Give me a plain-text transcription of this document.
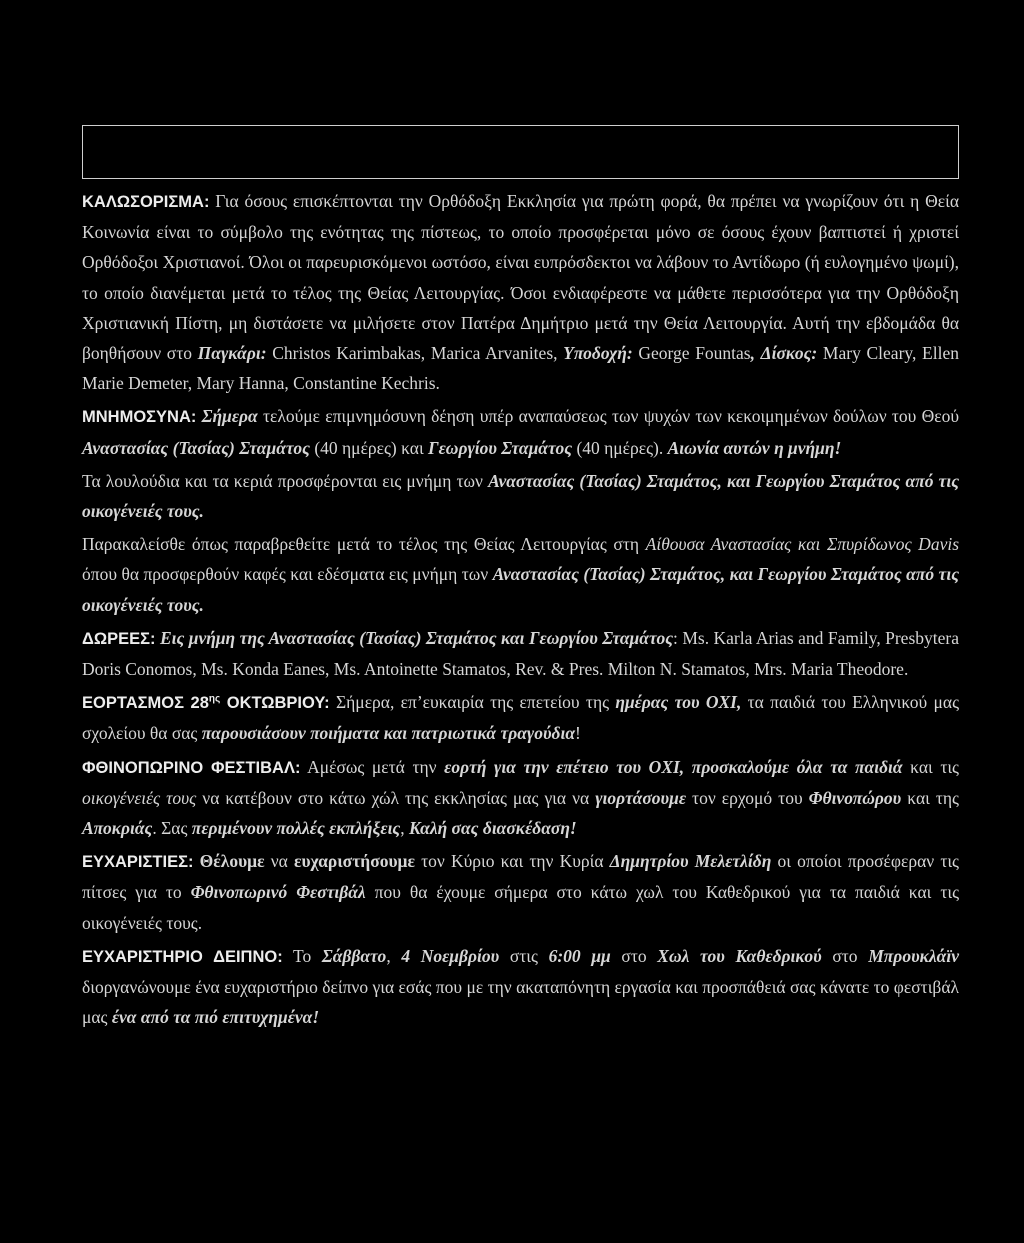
ΚΑΛΩΣΟΡΙΣΜΑ: Για όσους επισκέπτονται την Ορθόδοξη Εκκλησία για πρώτη φορά, θα πρέπει να γνωρίζουν ότι η Θεία Κοινωνία είναι το σύμβολο της ενότητας της πίστεως, το οποίο προσφέρεται μόνο σε όσους έχουν βαπτιστεί ή χριστεί Ορθόδοξοι Χριστιανοί. Όλοι οι παρευρισκόμενοι ωστόσο, είναι ευπρόσδεκτοι να λάβουν το Αντίδωρο (ή ευλογημένο ψωμί), το οποίο διανέμεται μετά το τέλος της Θείας Λειτουργίας. Όσοι ενδιαφέρεστε να μάθετε περισσότερα για την Ορθόδοξη Χριστιανική Πίστη, μη διστάσετε να μιλήσετε στον Πατέρα Δημήτριο μετά την Θεία Λειτουργία. Αυτή την εβδομάδα θα βοηθήσουν στο Παγκάρι: Christos Karimbakas, Marica Arvanites, Υποδοχή: George Fountas, Δίσκος: Mary Cleary, Ellen Marie Demeter, Mary Hanna, Constantine Kechris.

ΜΝΗΜΟΣΥΝΑ: Σήμερα τελούμε επιμνημόσυνη δέηση υπέρ αναπαύσεως των ψυχών των κεκοιμημένων δούλων του Θεού Αναστασίας (Τασίας) Σταμάτος (40 ημέρες) και Γεωργίου Σταμάτος (40 ημέρες). Αιωνία αυτών η μνήμη!

Τα λουλούδια και τα κεριά προσφέρονται εις μνήμη των Αναστασίας (Τασίας) Σταμάτος, και Γεωργίου Σταμάτος από τις οικογένειές τους.

Παρακαλείσθε όπως παραβρεθείτε μετά το τέλος της Θείας Λειτουργίας στη Αίθουσα Αναστασίας και Σπυρίδωνος Davis όπου θα προσφερθούν καφές και εδέσματα εις μνήμη των Αναστασίας (Τασίας) Σταμάτος, και Γεωργίου Σταμάτος από τις οικογένειές τους.

ΔΩΡΕΕΣ: Εις μνήμη της Αναστασίας (Τασίας) Σταμάτος και Γεωργίου Σταμάτος: Ms. Karla Arias and Family, Presbytera Doris Conomos, Ms. Konda Eanes, Ms. Antoinette Stamatos, Rev. & Pres. Milton N. Stamatos, Mrs. Maria Theodore.

ΕΟΡΤΑΣΜΟΣ $28^{\eta\varsigma}$ ΟΚΤΩΒΡΙΟΥ: Σήμερα, επ’ευκαιρία της επετείου της ημέρας του ΟΧΙ, τα παιδιά του Ελληνικού μας σχολείου θα σας παρουσιάσουν ποιήματα και πατριωτικά τραγούδια!

ΦΘΙΝΟΠΩΡΙΝΟ ΦΕΣΤΙΒΑΛ: Αμέσως μετά την εορτή για την επέτειο του ΟΧΙ, προσκαλούμε όλα τα παιδιά και τις οικογένειές τους να κατέβουν στο κάτω χώλ της εκκλησίας μας για να γιορτάσουμε τον ερχομό του Φθινοπώρου και της Αποκριάς. Σας περιμένουν πολλές εκπλήξεις, Καλή σας διασκέδαση!

ΕΥΧΑΡΙΣΤΙΕΣ: Θέλουμε να ευχαριστήσουμε τον Κύριο και την Κυρία Δημητρίου Μελετλίδη οι οποίοι προσέφεραν τις πίτσες για το Φθινοπωρινό Φεστιβάλ που θα έχουμε σήμερα στο κάτω χωλ του Καθεδρικού για τα παιδιά και τις οικογένειές τους.

ΕΥΧΑΡΙΣΤΗΡΙΟ ΔΕΙΠΝΟ: Το Σάββατο, 4 Νοεμβρίου στις 6:00 μμ στο Χωλ του Καθεδρικού στο Μπρουκλάϊν διοργανώνουμε ένα ευχαριστήριο δείπνο για εσάς που με την ακαταπόνητη εργασία και προσπάθειά σας κάνατε το φεστιβάλ μας ένα από τα πιό επιτυχημένα!
